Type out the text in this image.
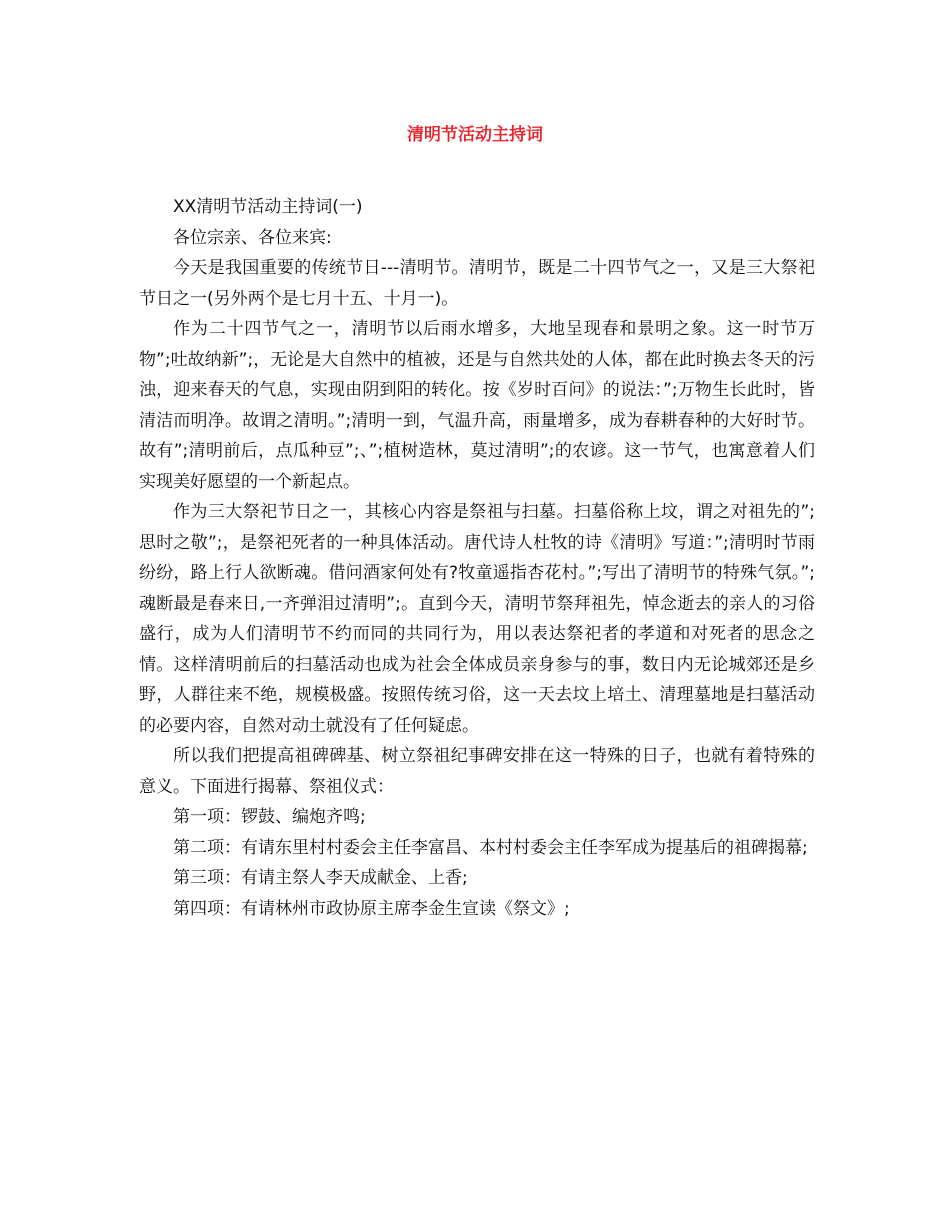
清明节活动主持词

XX清明节活动主持词(一)

各位宗亲、各位来宾:

今天是我国重要的传统节日---清明节。清明节，既是二十四节气之一，又是三大祭祀节日之一(另外两个是七月十五、十月一)。

作为二十四节气之一，清明节以后雨水增多，大地呈现春和景明之象。这一时节万物”;吐故纳新”;，无论是大自然中的植被，还是与自然共处的人体，都在此时换去冬天的污浊，迎来春天的气息，实现由阴到阳的转化。按《岁时百问》的说法：”;万物生长此时，皆清洁而明净。故谓之清明。”;清明一到，气温升高，雨量增多，成为春耕春种的大好时节。故有”;清明前后，点瓜种豆”;、”;植树造林，莫过清明”;的农谚。这一节气，也寓意着人们实现美好愿望的一个新起点。

作为三大祭祀节日之一，其核心内容是祭祖与扫墓。扫墓俗称上坟，谓之对祖先的”;思时之敬”;，是祭祀死者的一种具体活动。唐代诗人杜牧的诗《清明》写道：”;清明时节雨纷纷，路上行人欲断魂。借问酒家何处有?牧童遥指杏花村。”;写出了清明节的特殊气氛。”;魂断最是春来日,一齐弹泪过清明”;。直到今天，清明节祭拜祖先，悼念逝去的亲人的习俗盛行，成为人们清明节不约而同的共同行为，用以表达祭祀者的孝道和对死者的思念之情。这样清明前后的扫墓活动也成为社会全体成员亲身参与的事，数日内无论城郊还是乡野，人群往来不绝，规模极盛。按照传统习俗，这一天去坟上培土、清理墓地是扫墓活动的必要内容，自然对动土就没有了任何疑虑。

所以我们把提高祖碑碑基、树立祭祖纪事碑安排在这一特殊的日子，也就有着特殊的意义。下面进行揭幕、祭祖仪式：

第一项：锣鼓、编炮齐鸣;

第二项：有请东里村村委会主任李富昌、本村村委会主任李军成为提基后的祖碑揭幕;

第三项：有请主祭人李天成献金、上香;

第四项：有请林州市政协原主席李金生宣读《祭文》;
